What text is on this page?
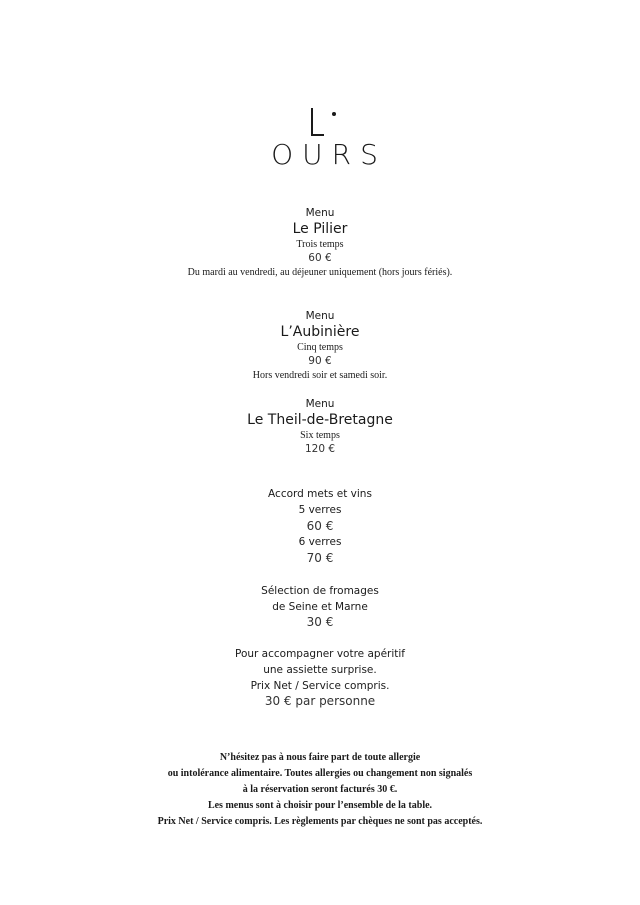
OURS
Menu
Le Pilier
Trois temps
60 €
Du mardi au vendredi, au déjeuner uniquement (hors jours fériés).
Menu
L’Aubinière
Cinq temps
90 €
Hors vendredi soir et samedi soir.
Menu
Le Theil-de-Bretagne
Six temps
120 €
Accord mets et vins
5 verres
60 €
6 verres
70 €
Sélection de fromages
de Seine et Marne
30 €
Pour accompagner votre apéritif
une assiette surprise.
Prix Net / Service compris.
30 € par personne
N’hésitez pas à nous faire part de toute allergie
ou intolérance alimentaire. Toutes allergies ou changement non signalés
à la réservation seront facturés 30 €.
Les menus sont à choisir pour l’ensemble de la table.
Prix Net / Service compris. Les règlements par chèques ne sont pas acceptés.
